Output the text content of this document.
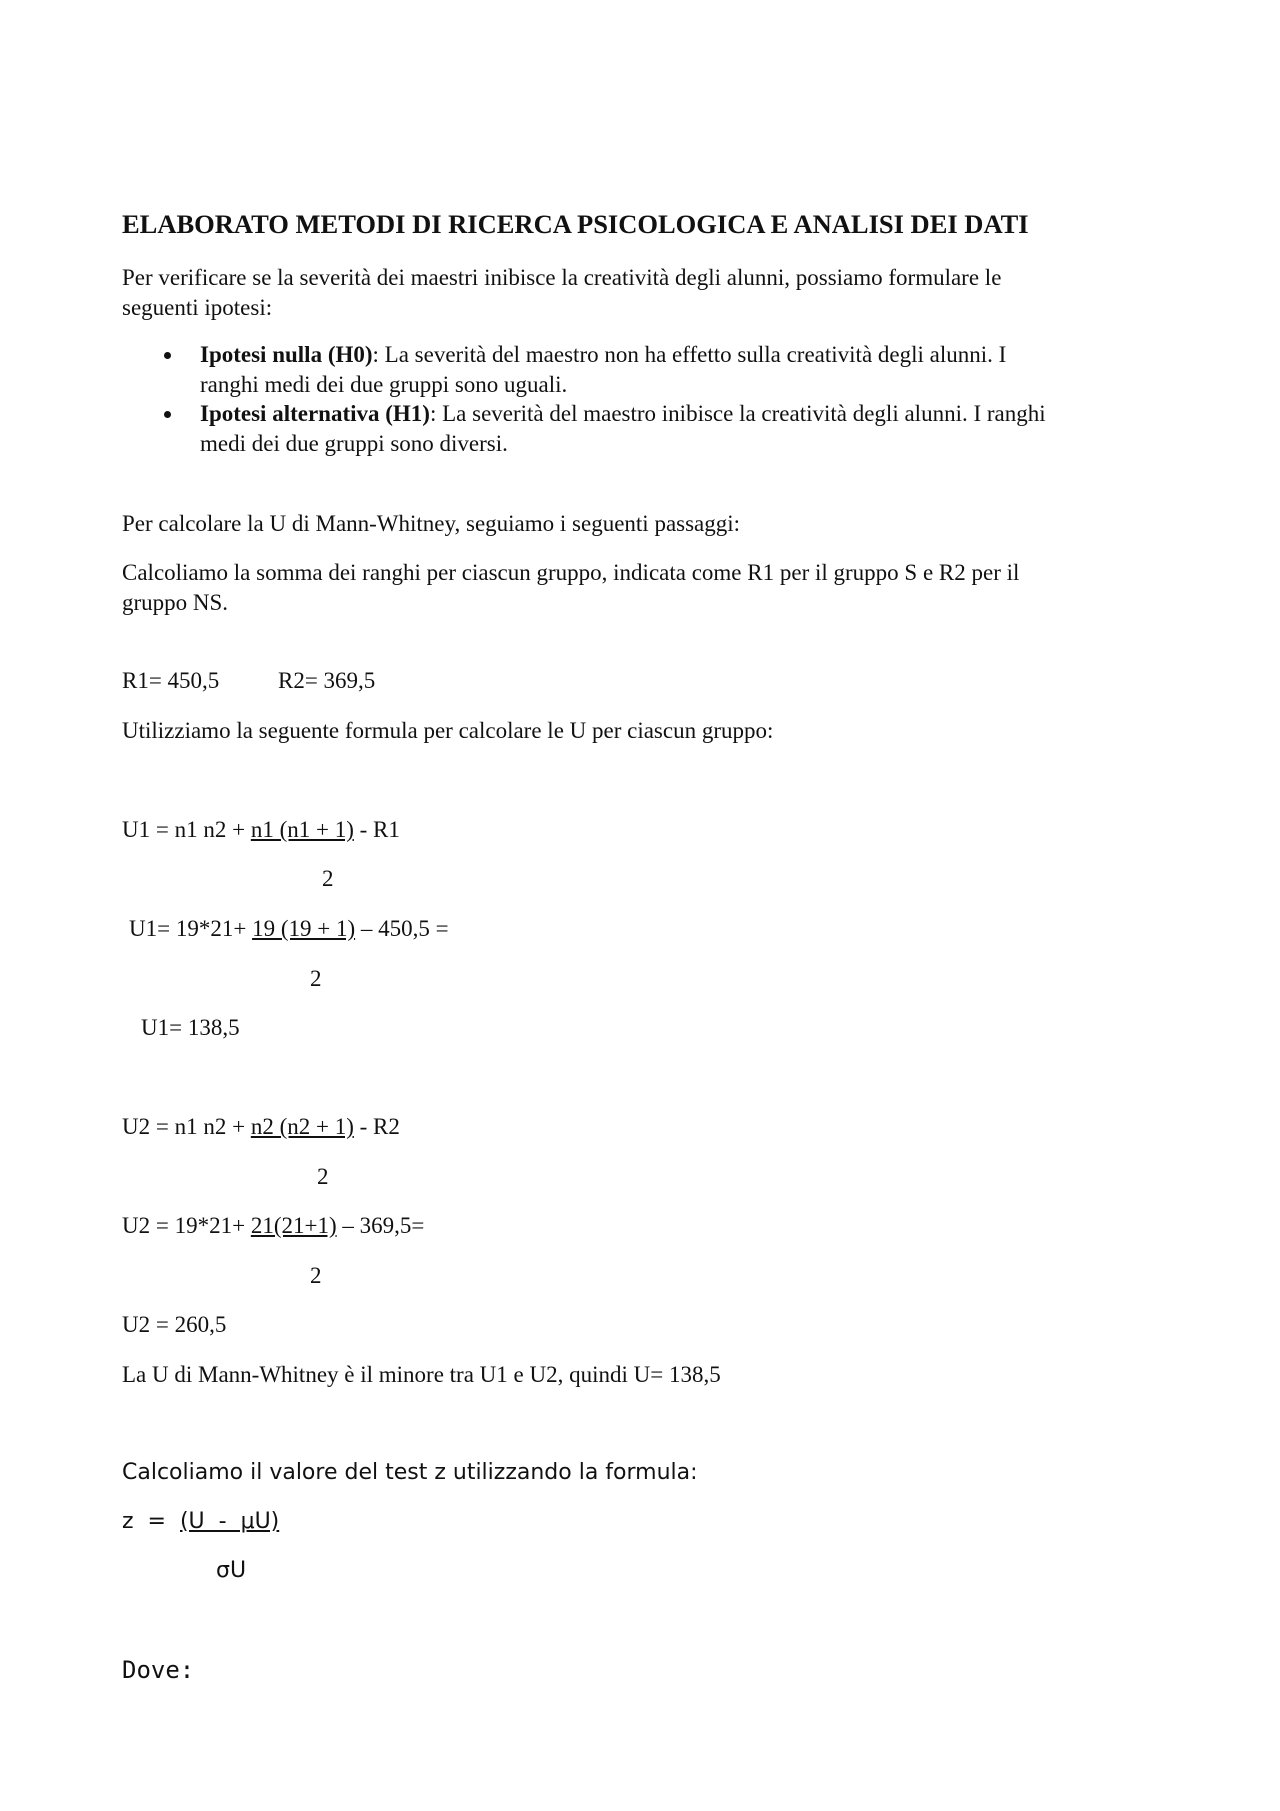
ELABORATO METODI DI RICERCA PSICOLOGICA E ANALISI DEI DATI
Per verificare se la severità dei maestri inibisce la creatività degli alunni, possiamo formulare le
seguenti ipotesi:
Ipotesi nulla (H0): La severità del maestro non ha effetto sulla creatività degli alunni. I
ranghi medi dei due gruppi sono uguali.
Ipotesi alternativa (H1): La severità del maestro inibisce la creatività degli alunni. I ranghi
medi dei due gruppi sono diversi.
Per calcolare la U di Mann-Whitney, seguiamo i seguenti passaggi:
Calcoliamo la somma dei ranghi per ciascun gruppo, indicata come R1 per il gruppo S e R2 per il
gruppo NS.
R1= 450,5	R2= 369,5
Utilizziamo la seguente formula per calcolare le U per ciascun gruppo:
U1 = n1 n2 + n1 (n1 + 1) - R1
2
U1= 19*21+ 19 (19 + 1) – 450,5 =
2
U1= 138,5
U2 = n1 n2 + n2 (n2 + 1) - R2
2
U2 = 19*21+ 21(21+1) – 369,5=
2
U2 = 260,5
La U di Mann-Whitney è il minore tra U1 e U2, quindi U= 138,5
Calcoliamo il valore del test z utilizzando la formula:
z  =  (U  -  μU)
σU
Dove:
